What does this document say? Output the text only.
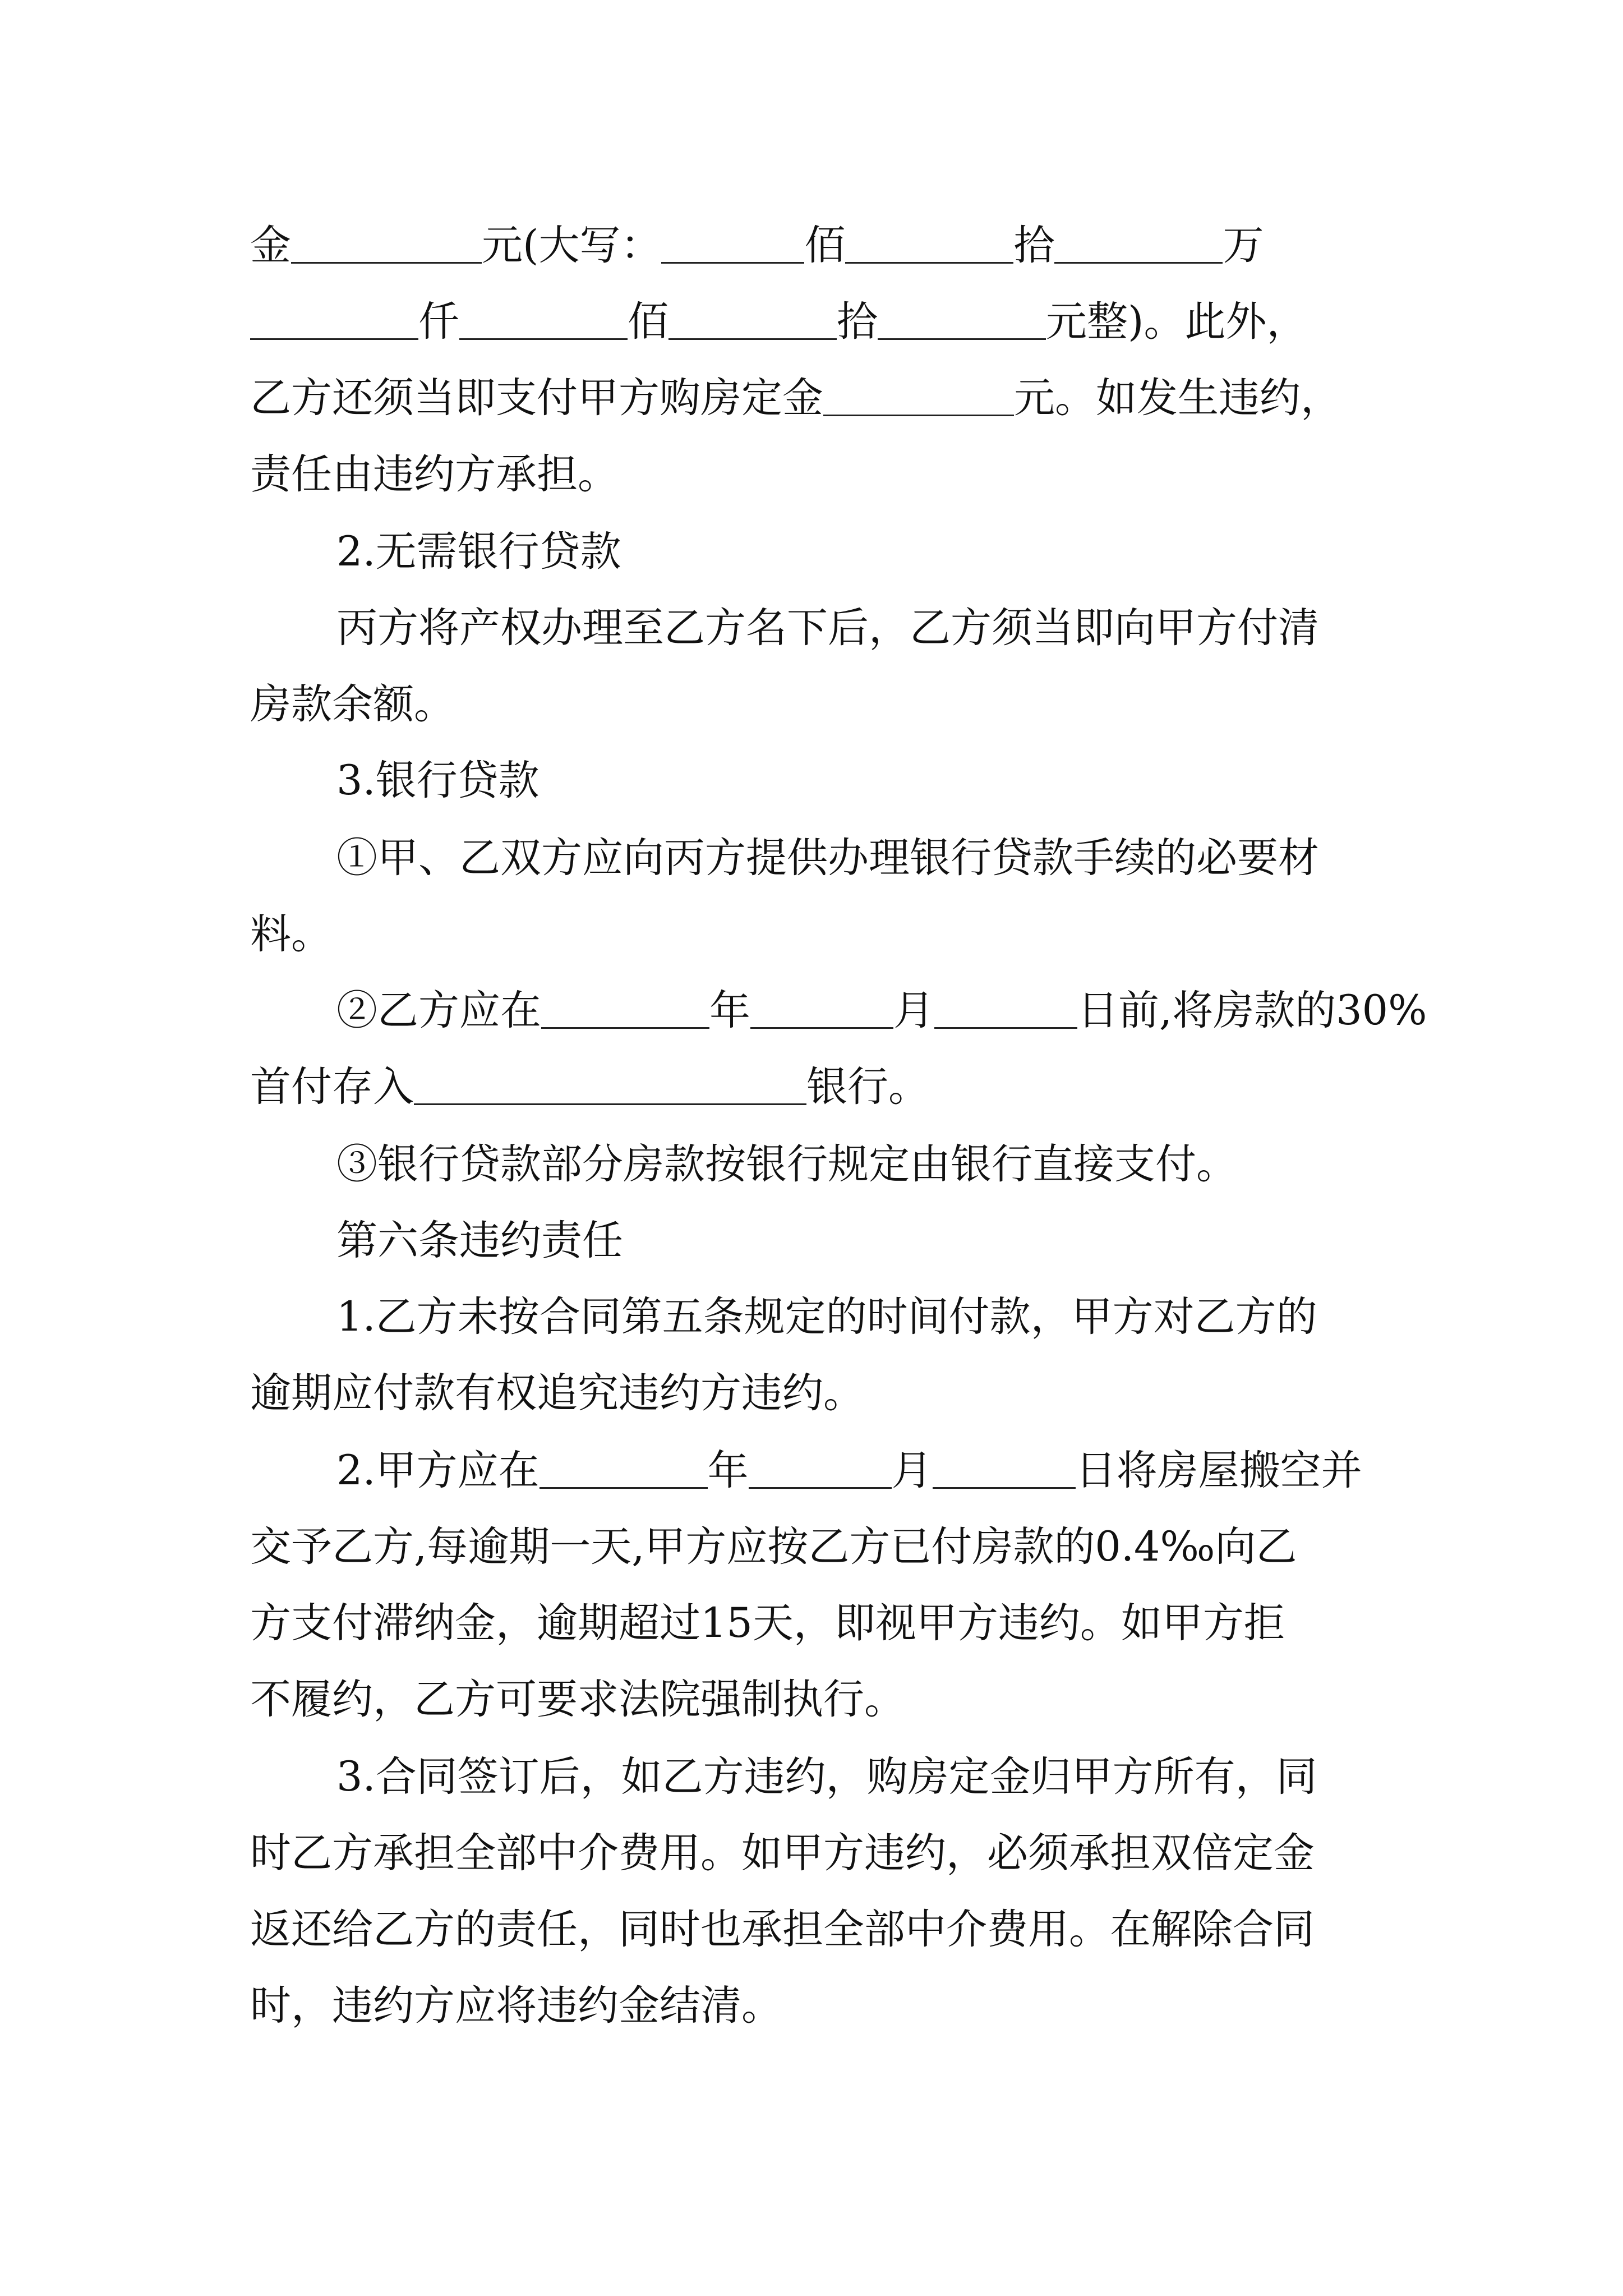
金	元(大写：	佰	拾	万
仟	佰	拾	元整)。此外，
乙方还须当即支付甲方购房定金	元。如发生违约，
责任由违约方承担。
2.无需银行贷款
丙方将产权办理至乙方名下后，乙方须当即向甲方付清
房款余额。
3.银行贷款
①甲、乙双方应向丙方提供办理银行贷款手续的必要材
料。
②乙方应在	年	月	日前,将房款的30%
首付存入	银行。
③银行贷款部分房款按银行规定由银行直接支付。
第六条违约责任
1.乙方未按合同第五条规定的时间付款，甲方对乙方的
逾期应付款有权追究违约方违约。
2.甲方应在	年	月	日将房屋搬空并
交予乙方,每逾期一天,甲方应按乙方已付房款的0.4‰向乙
方支付滞纳金，逾期超过15天，即视甲方违约。如甲方拒
不履约，乙方可要求法院强制执行。
3.合同签订后，如乙方违约，购房定金归甲方所有，同
时乙方承担全部中介费用。如甲方违约，必须承担双倍定金
返还给乙方的责任，同时也承担全部中介费用。在解除合同
时，违约方应将违约金结清。
